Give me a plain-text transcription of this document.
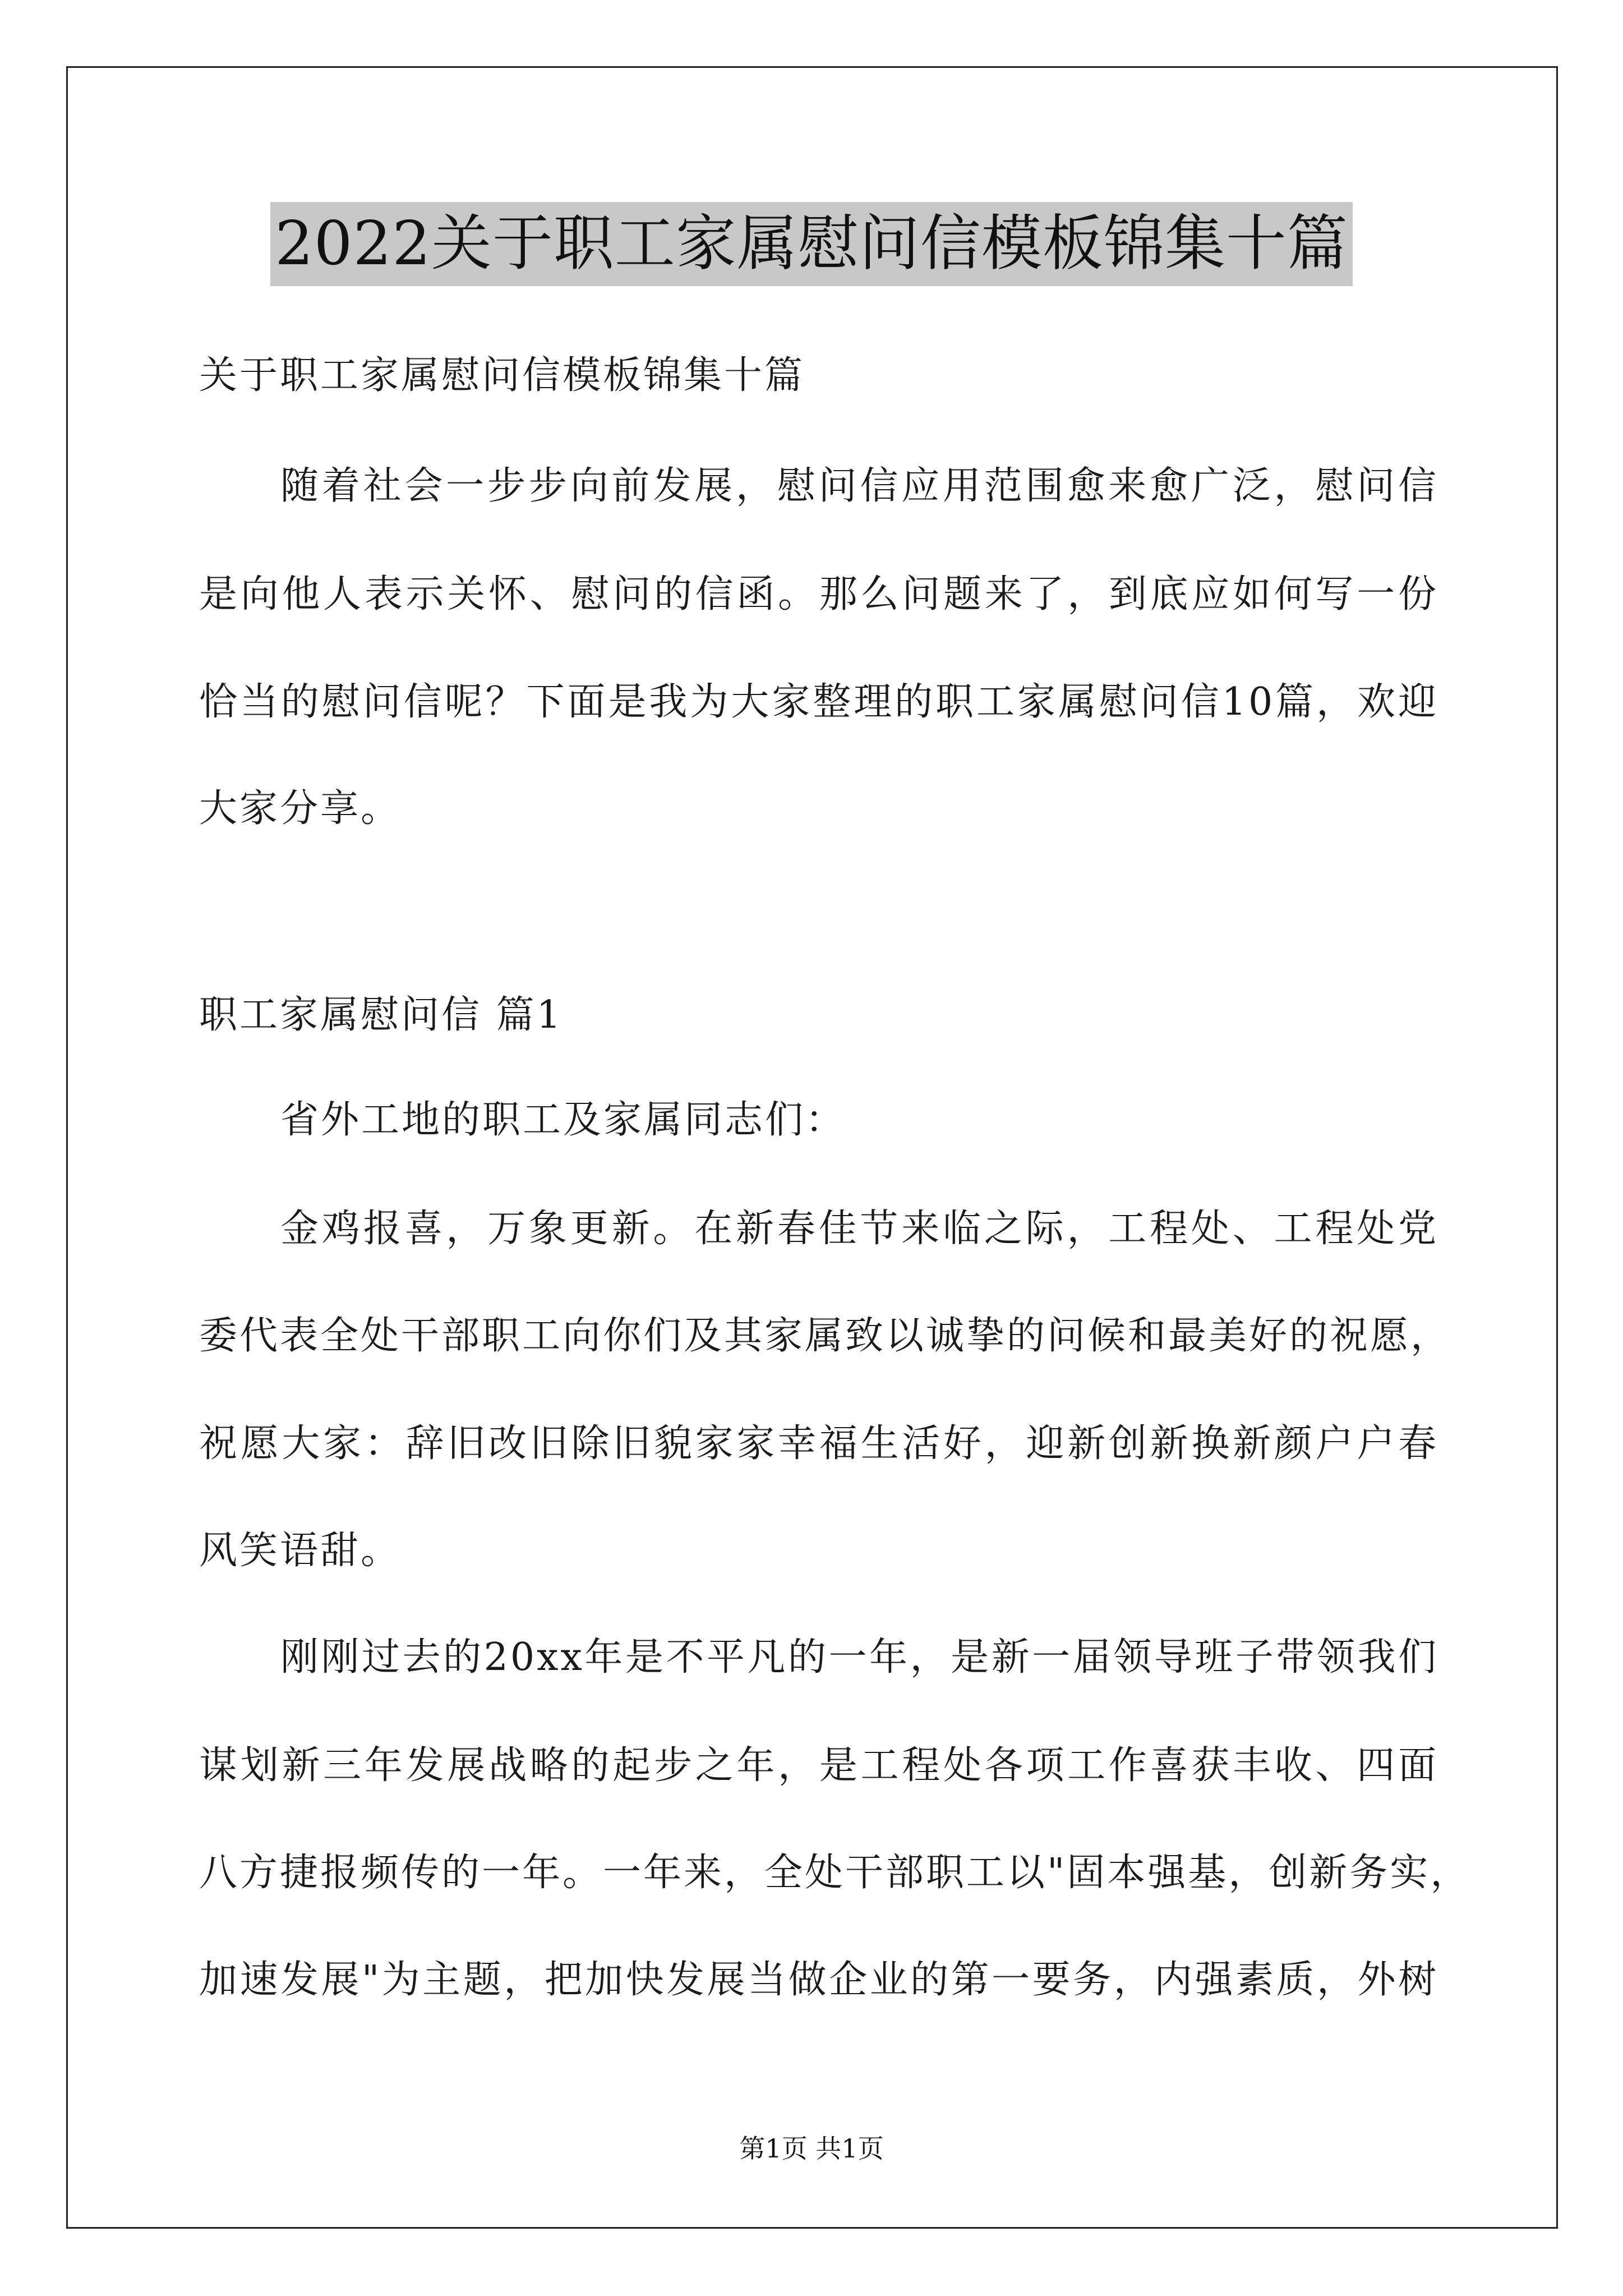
2022关于职工家属慰问信模板锦集十篇
关于职工家属慰问信模板锦集十篇
随着社会一步步向前发展，慰问信应用范围愈来愈广泛，慰问信
是向他人表示关怀、慰问的信函。那么问题来了，到底应如何写一份
恰当的慰问信呢？下面是我为大家整理的职工家属慰问信10篇，欢迎
大家分享。
职工家属慰问信 篇1
省外工地的职工及家属同志们：
金鸡报喜，万象更新。在新春佳节来临之际，工程处、工程处党
委代表全处干部职工向你们及其家属致以诚挚的问候和最美好的祝愿，
祝愿大家：辞旧改旧除旧貌家家幸福生活好，迎新创新换新颜户户春
风笑语甜。
刚刚过去的20xx年是不平凡的一年，是新一届领导班子带领我们
谋划新三年发展战略的起步之年，是工程处各项工作喜获丰收、四面
八方捷报频传的一年。一年来，全处干部职工以"固本强基，创新务实，
加速发展"为主题，把加快发展当做企业的第一要务，内强素质，外树
第1页 共1页
